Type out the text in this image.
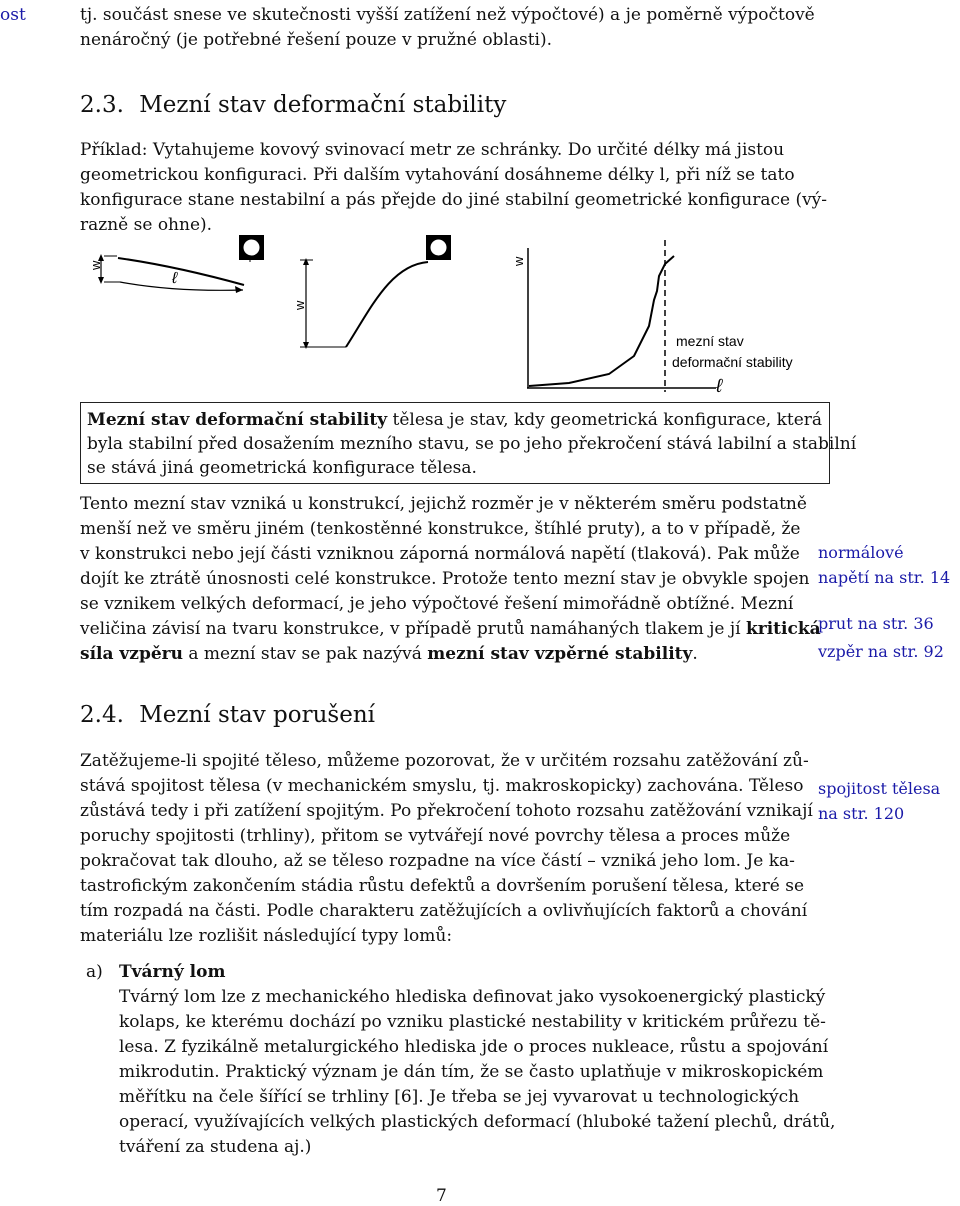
ost	tj. součást snese ve skutečnosti vyšší zatížení než výpočtové) a je poměrně výpočtově
nenáročný (je potřebné řešení pouze v pružné oblasti).
2.3. Mezní stav deformační stability
Příklad: Vytahujeme kovový svinovací metr ze schránky. Do určité délky má jistou
geometrickou konfiguraci. Při dalším vytahování dosáhneme délky l, při níž se tato
konfigurace stane nestabilní a pás přejde do jiné stabilní geometrické konfigurace (vý-
razně se ohne).
w
ℓ
w
w
mezní stav
deformační stability
ℓ
Mezní stav deformační stability tělesa je stav, kdy geometrická konfigurace, která
byla stabilní před dosažením mezního stavu, se po jeho překročení stává labilní a stabilní
se stává jiná geometrická konfigurace tělesa.
Tento mezní stav vzniká u konstrukcí, jejichž rozměr je v některém směru podstatně
menší než ve směru jiném (tenkostěnné konstrukce, štíhlé pruty), a to v případě, že
v konstrukci nebo její části vzniknou záporná normálová napětí (tlaková). Pak může
dojít ke ztrátě únosnosti celé konstrukce. Protože tento mezní stav je obvykle spojen
se vznikem velkých deformací, je jeho výpočtové řešení mimořádně obtížné. Mezní
veličina závisí na tvaru konstrukce, v případě prutů namáhaných tlakem je jí kritická
síla vzpěru a mezní stav se pak nazývá mezní stav vzpěrné stability.
normálové
napětí na str. 14
prut na str. 36
vzpěr na str. 92
2.4. Mezní stav porušení
Zatěžujeme-li spojité těleso, můžeme pozorovat, že v určitém rozsahu zatěžování zů-
stává spojitost tělesa (v mechanickém smyslu, tj. makroskopicky) zachována. Těleso
zůstává tedy i při zatížení spojitým. Po překročení tohoto rozsahu zatěžování vznikají
poruchy spojitosti (trhliny), přitom se vytvářejí nové povrchy tělesa a proces může
pokračovat tak dlouho, až se těleso rozpadne na více částí – vzniká jeho lom. Je ka-
tastrofickým zakončením stádia růstu defektů a dovršením porušení tělesa, které se
tím rozpadá na části. Podle charakteru zatěžujících a ovlivňujících faktorů a chování
materiálu lze rozlišit následující typy lomů:
spojitost tělesa
na str. 120
a) Tvárný lom
Tvárný lom lze z mechanického hlediska definovat jako vysokoenergický plastický
kolaps, ke kterému dochází po vzniku plastické nestability v kritickém průřezu tě-
lesa. Z fyzikálně metalurgického hlediska jde o proces nukleace, růstu a spojování
mikrodutin. Praktický význam je dán tím, že se často uplatňuje v mikroskopickém
měřítku na čele šířící se trhliny [6]. Je třeba se jej vyvarovat u technologických
operací, využívajících velkých plastických deformací (hluboké tažení plechů, drátů,
tváření za studena aj.)
7
